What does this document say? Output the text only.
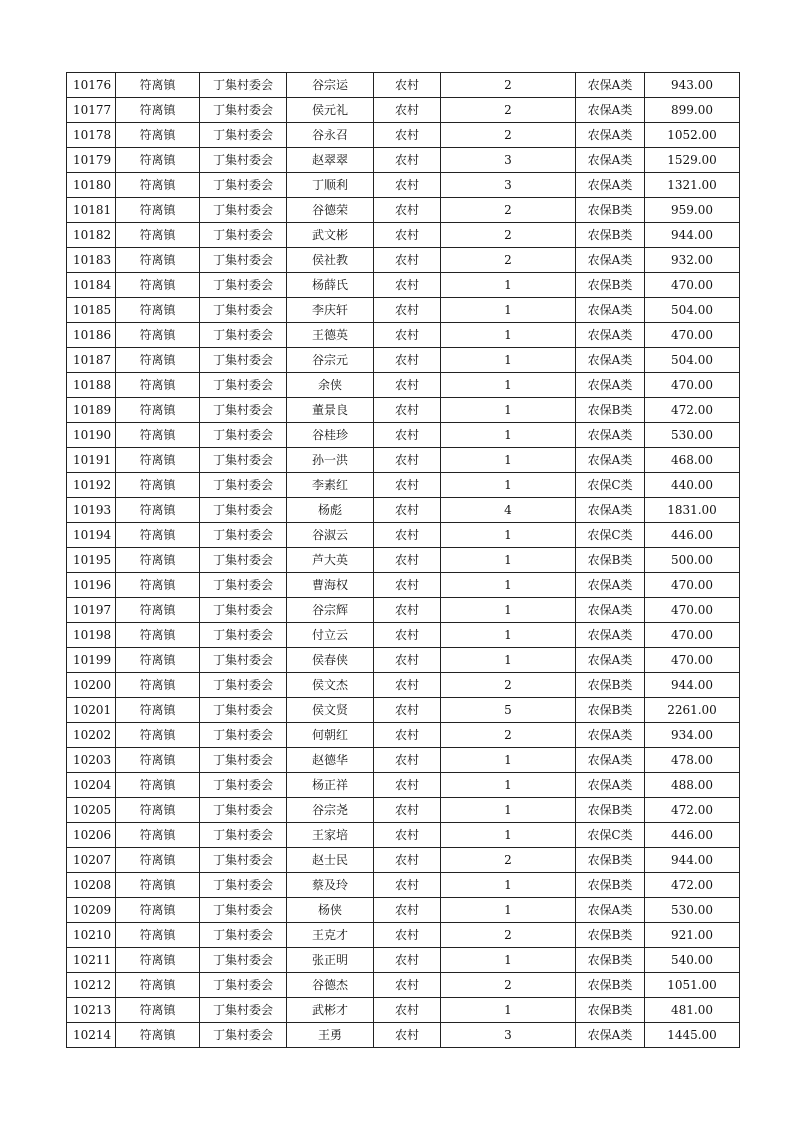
10176	符离镇	丁集村委会	谷宗运	农村	2	农保A类	943.00
10177	符离镇	丁集村委会	侯元礼	农村	2	农保A类	899.00
10178	符离镇	丁集村委会	谷永召	农村	2	农保A类	1052.00
10179	符离镇	丁集村委会	赵翠翠	农村	3	农保A类	1529.00
10180	符离镇	丁集村委会	丁顺利	农村	3	农保A类	1321.00
10181	符离镇	丁集村委会	谷德荣	农村	2	农保B类	959.00
10182	符离镇	丁集村委会	武文彬	农村	2	农保B类	944.00
10183	符离镇	丁集村委会	侯社教	农村	2	农保A类	932.00
10184	符离镇	丁集村委会	杨薛氏	农村	1	农保B类	470.00
10185	符离镇	丁集村委会	李庆轩	农村	1	农保A类	504.00
10186	符离镇	丁集村委会	王德英	农村	1	农保A类	470.00
10187	符离镇	丁集村委会	谷宗元	农村	1	农保A类	504.00
10188	符离镇	丁集村委会	余侠	农村	1	农保A类	470.00
10189	符离镇	丁集村委会	董景良	农村	1	农保B类	472.00
10190	符离镇	丁集村委会	谷桂珍	农村	1	农保A类	530.00
10191	符离镇	丁集村委会	孙一洪	农村	1	农保A类	468.00
10192	符离镇	丁集村委会	李素红	农村	1	农保C类	440.00
10193	符离镇	丁集村委会	杨彪	农村	4	农保A类	1831.00
10194	符离镇	丁集村委会	谷淑云	农村	1	农保C类	446.00
10195	符离镇	丁集村委会	芦大英	农村	1	农保B类	500.00
10196	符离镇	丁集村委会	曹海权	农村	1	农保A类	470.00
10197	符离镇	丁集村委会	谷宗辉	农村	1	农保A类	470.00
10198	符离镇	丁集村委会	付立云	农村	1	农保A类	470.00
10199	符离镇	丁集村委会	侯春侠	农村	1	农保A类	470.00
10200	符离镇	丁集村委会	侯文杰	农村	2	农保B类	944.00
10201	符离镇	丁集村委会	侯文贤	农村	5	农保B类	2261.00
10202	符离镇	丁集村委会	何朝红	农村	2	农保A类	934.00
10203	符离镇	丁集村委会	赵德华	农村	1	农保A类	478.00
10204	符离镇	丁集村委会	杨正祥	农村	1	农保A类	488.00
10205	符离镇	丁集村委会	谷宗尧	农村	1	农保B类	472.00
10206	符离镇	丁集村委会	王家培	农村	1	农保C类	446.00
10207	符离镇	丁集村委会	赵士民	农村	2	农保B类	944.00
10208	符离镇	丁集村委会	蔡及玲	农村	1	农保B类	472.00
10209	符离镇	丁集村委会	杨侠	农村	1	农保A类	530.00
10210	符离镇	丁集村委会	王克才	农村	2	农保B类	921.00
10211	符离镇	丁集村委会	张正明	农村	1	农保B类	540.00
10212	符离镇	丁集村委会	谷德杰	农村	2	农保B类	1051.00
10213	符离镇	丁集村委会	武彬才	农村	1	农保B类	481.00
10214	符离镇	丁集村委会	王勇	农村	3	农保A类	1445.00
